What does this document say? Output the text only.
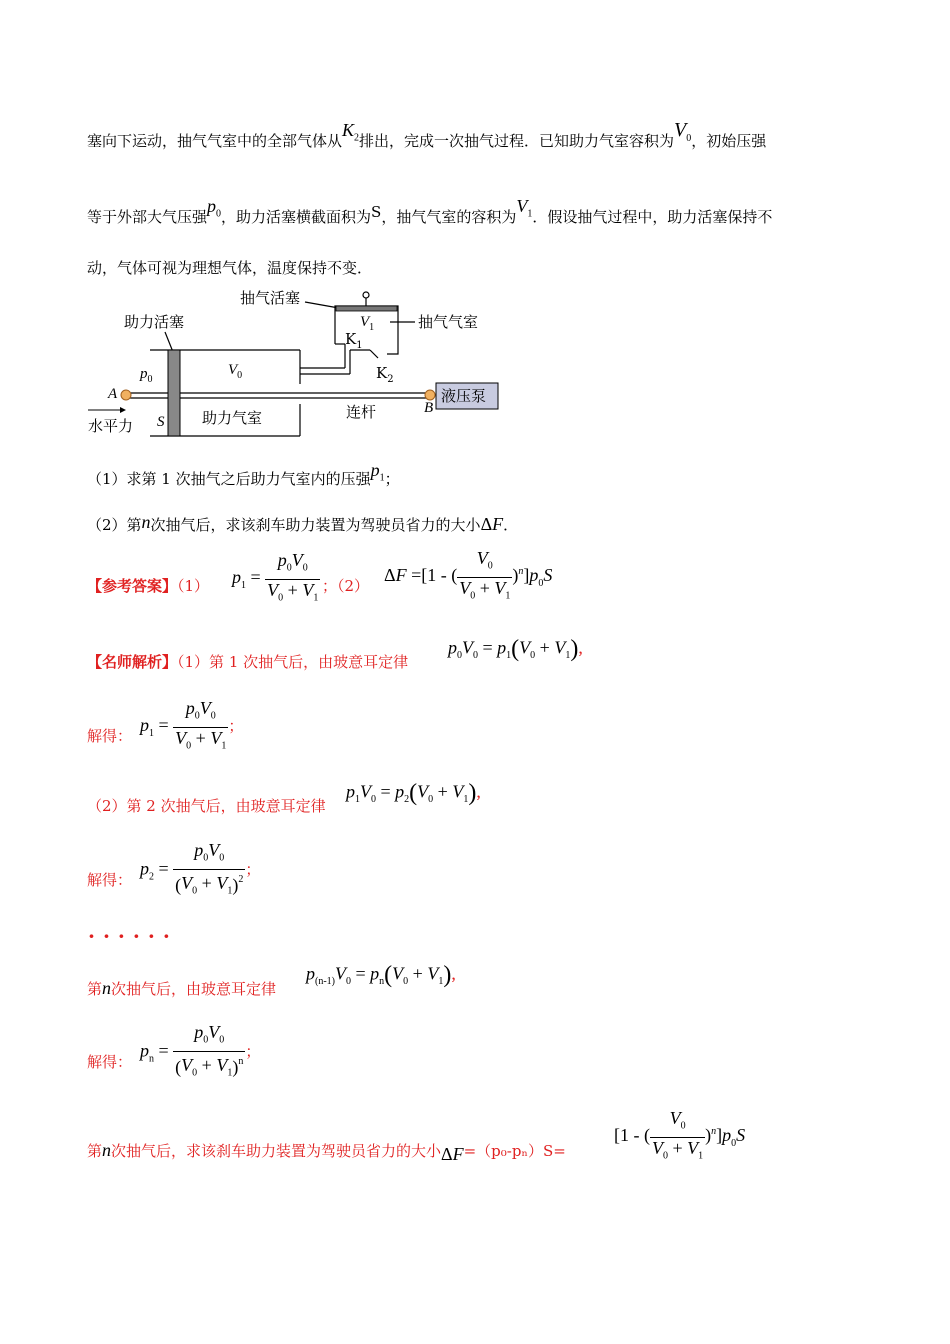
塞向下运动，抽气气室中的全部气体从$K_2$排出，完成一次抽气过程．已知助力气室容积为$V_0$，初始压强
等于外部大气压强$p_0$，助力活塞横截面积为S，抽气气室的容积为$V_1$．假设抽气过程中，助力活塞保持不
动，气体可视为理想气体，温度保持不变．
抽气活塞
助力活塞	抽气气室
$V_1$
$K_1$
$K_2$
$p_0$
$V_0$
A
B
S
水平力	助力气室	连杆
液压泵
（1）求第 1 次抽气之后助力气室内的压强$p_1$；
（2）第n次抽气后，求该刹车助力装置为驾驶员省力的大小ΔF．
【参考答案】（1） $p_1 = \frac{p_0V_0}{V_0 + V_1}$ ；（2）
ΔF =[1 - ( $\frac{V_0}{V_0 + V_1} )^n]p_0S$
【名师解析】（1）第 1 次抽气后，由玻意耳定律
$p_0V_0 = p_1(V_0 + V_1)$,
解得：
$p_1 = \frac{p_0V_0}{V_0 + V_1}$ ；
（2）第 2 次抽气后，由玻意耳定律
$p_1V_0 = p_2(V_0 + V_1)$,
解得：
$p_2 = \frac{p_0V_0}{(V_0 + V_1)^2}$ ；
······
第n次抽气后，由玻意耳定律
$p_{(n-1)}V_0 = p_n(V_0 + V_1)$,
解得：
$p_n = \frac{p_0V_0}{(V_0 + V_1)^n}$ ；
第n次抽气后，求该刹车助力装置为驾驶员省力的大小ΔF=（p₀-pₙ）S=
[1 - ( $\frac{V_0}{V_0 + V_1} )^n]p_0S$
